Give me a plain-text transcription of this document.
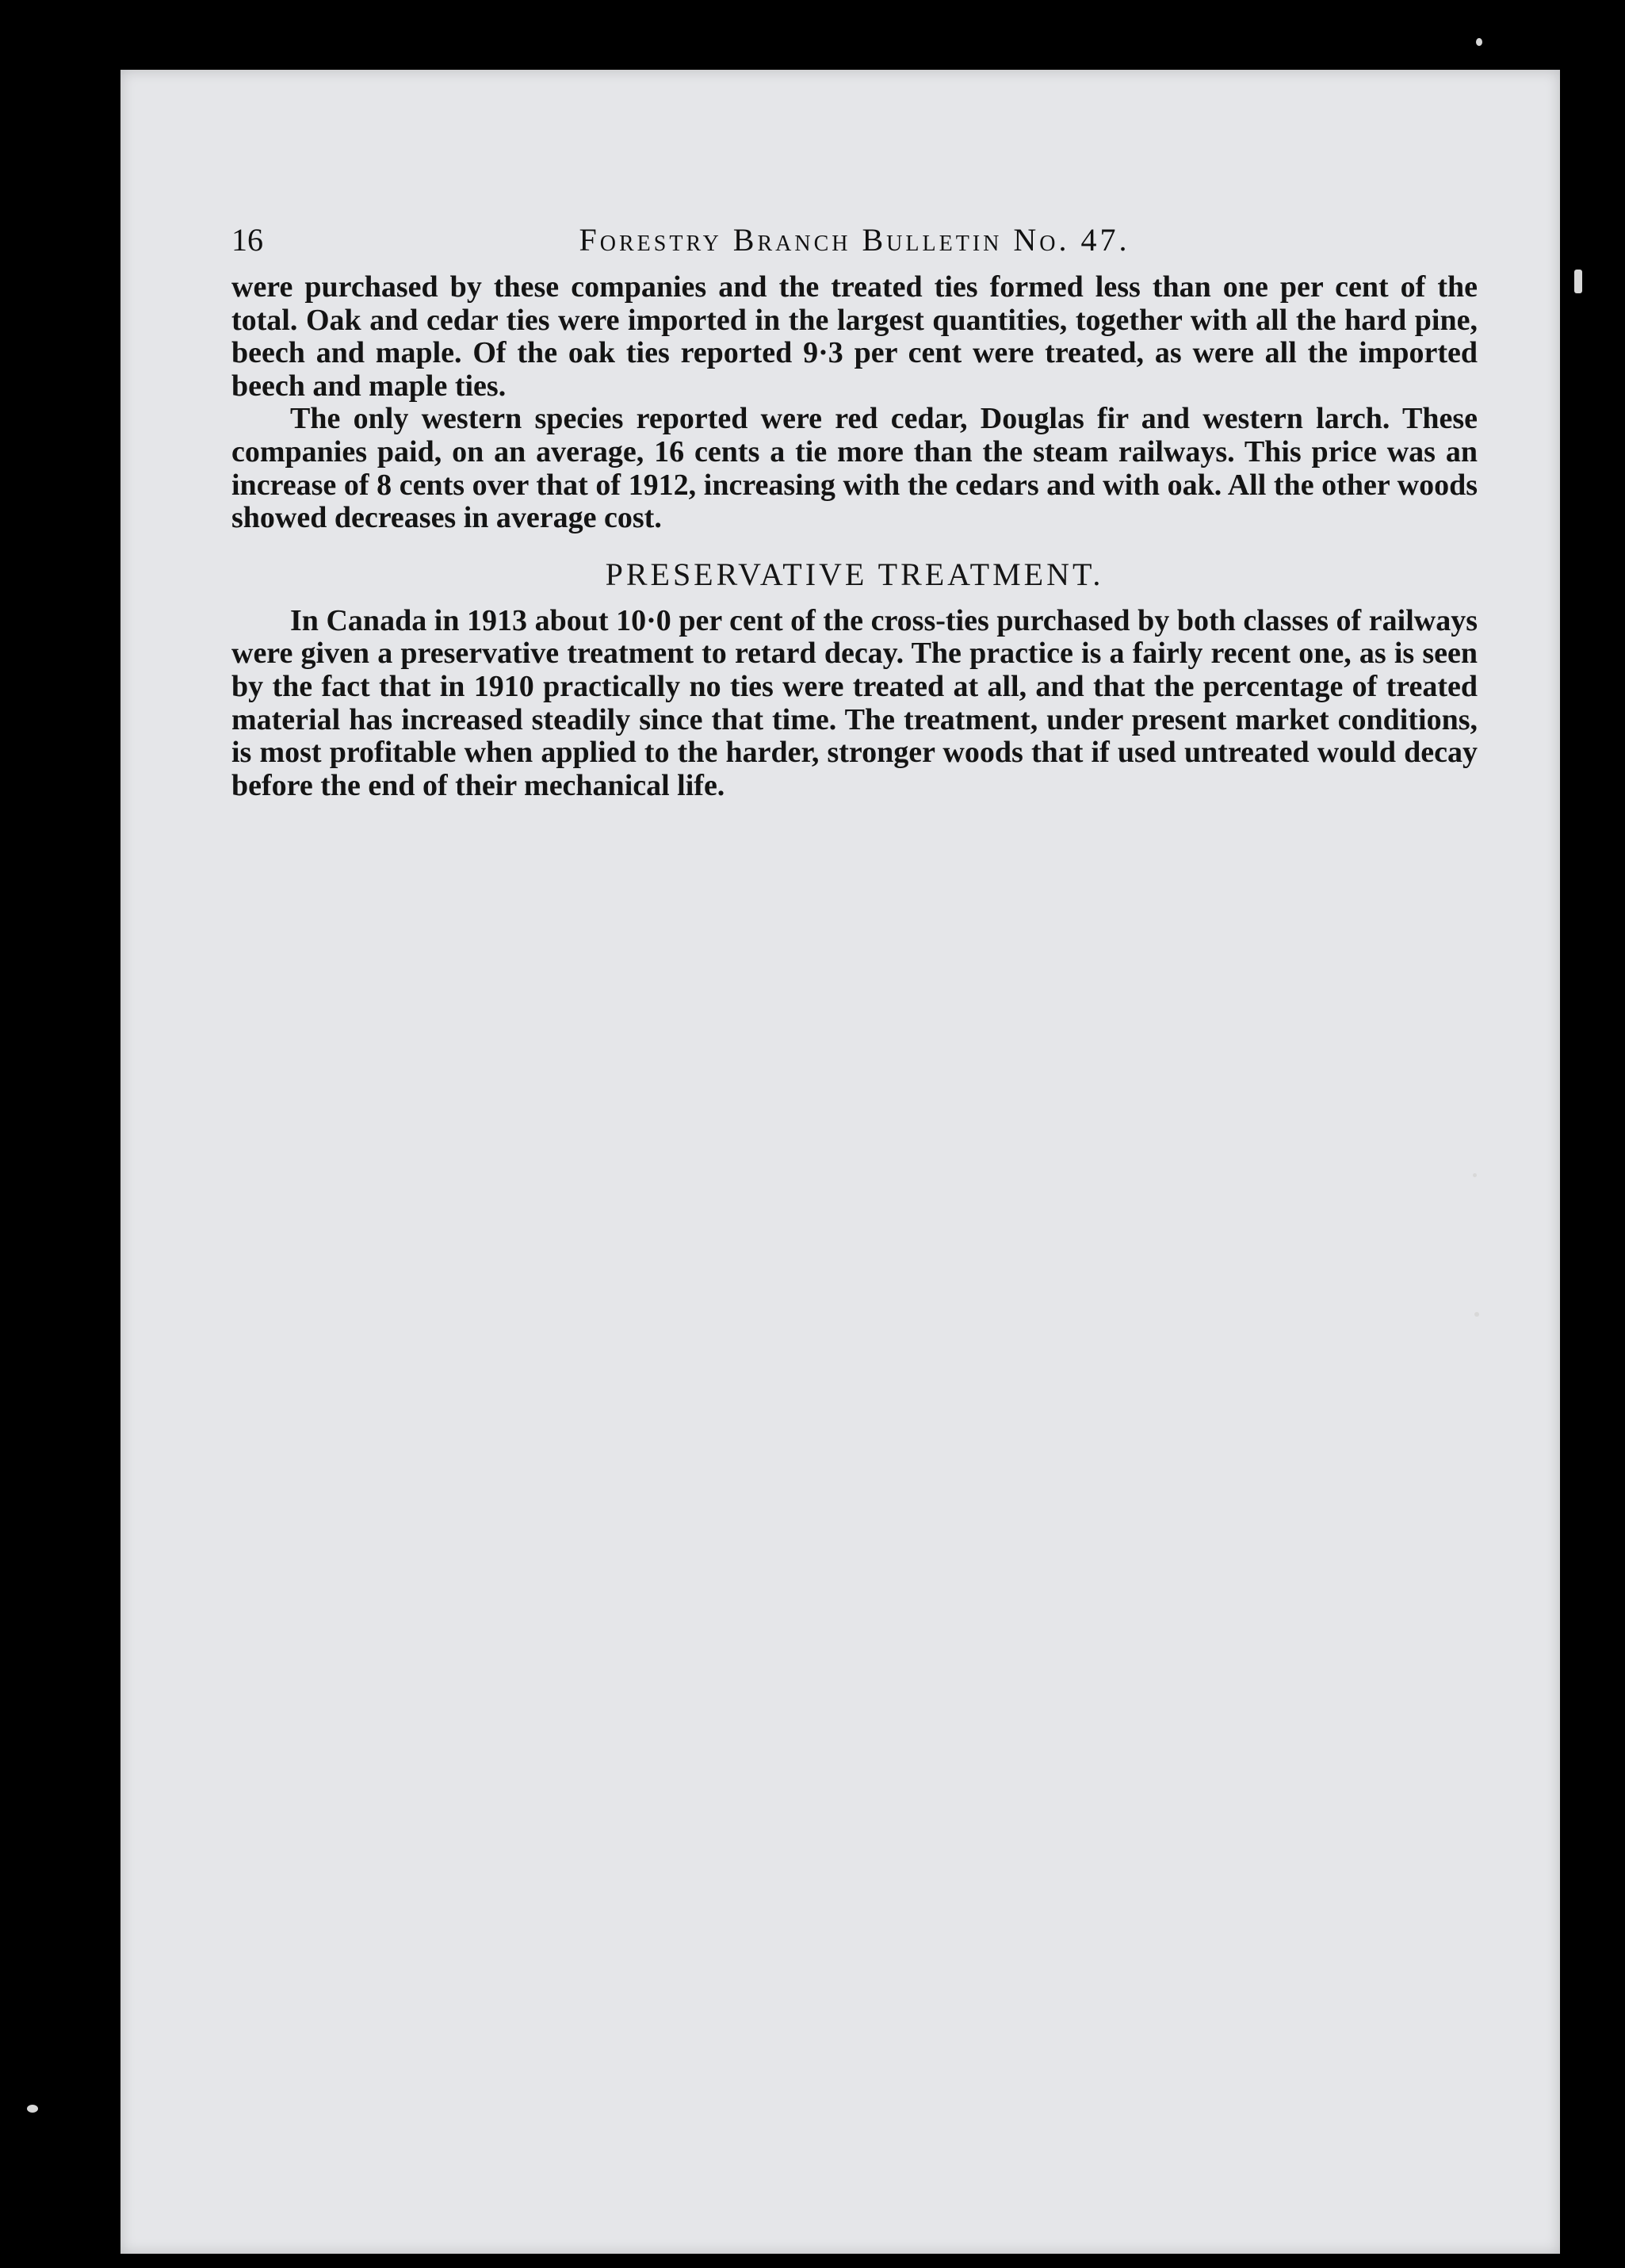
16	Forestry Branch Bulletin No. 47.

were purchased by these companies and the treated ties formed less than one per cent of the total. Oak and cedar ties were imported in the largest quantities, together with all the hard pine, beech and maple. Of the oak ties reported 9·3 per cent were treated, as were all the imported beech and maple ties.

The only western species reported were red cedar, Douglas fir and western larch. These companies paid, on an average, 16 cents a tie more than the steam railways. This price was an increase of 8 cents over that of 1912, increasing with the cedars and with oak. All the other woods showed decreases in average cost.

PRESERVATIVE TREATMENT.

In Canada in 1913 about 10·0 per cent of the cross-ties purchased by both classes of railways were given a preservative treatment to retard decay. The practice is a fairly recent one, as is seen by the fact that in 1910 practically no ties were treated at all, and that the percentage of treated material has increased steadily since that time. The treatment, under present market conditions, is most profitable when applied to the harder, stronger woods that if used untreated would decay before the end of their mechanical life.
